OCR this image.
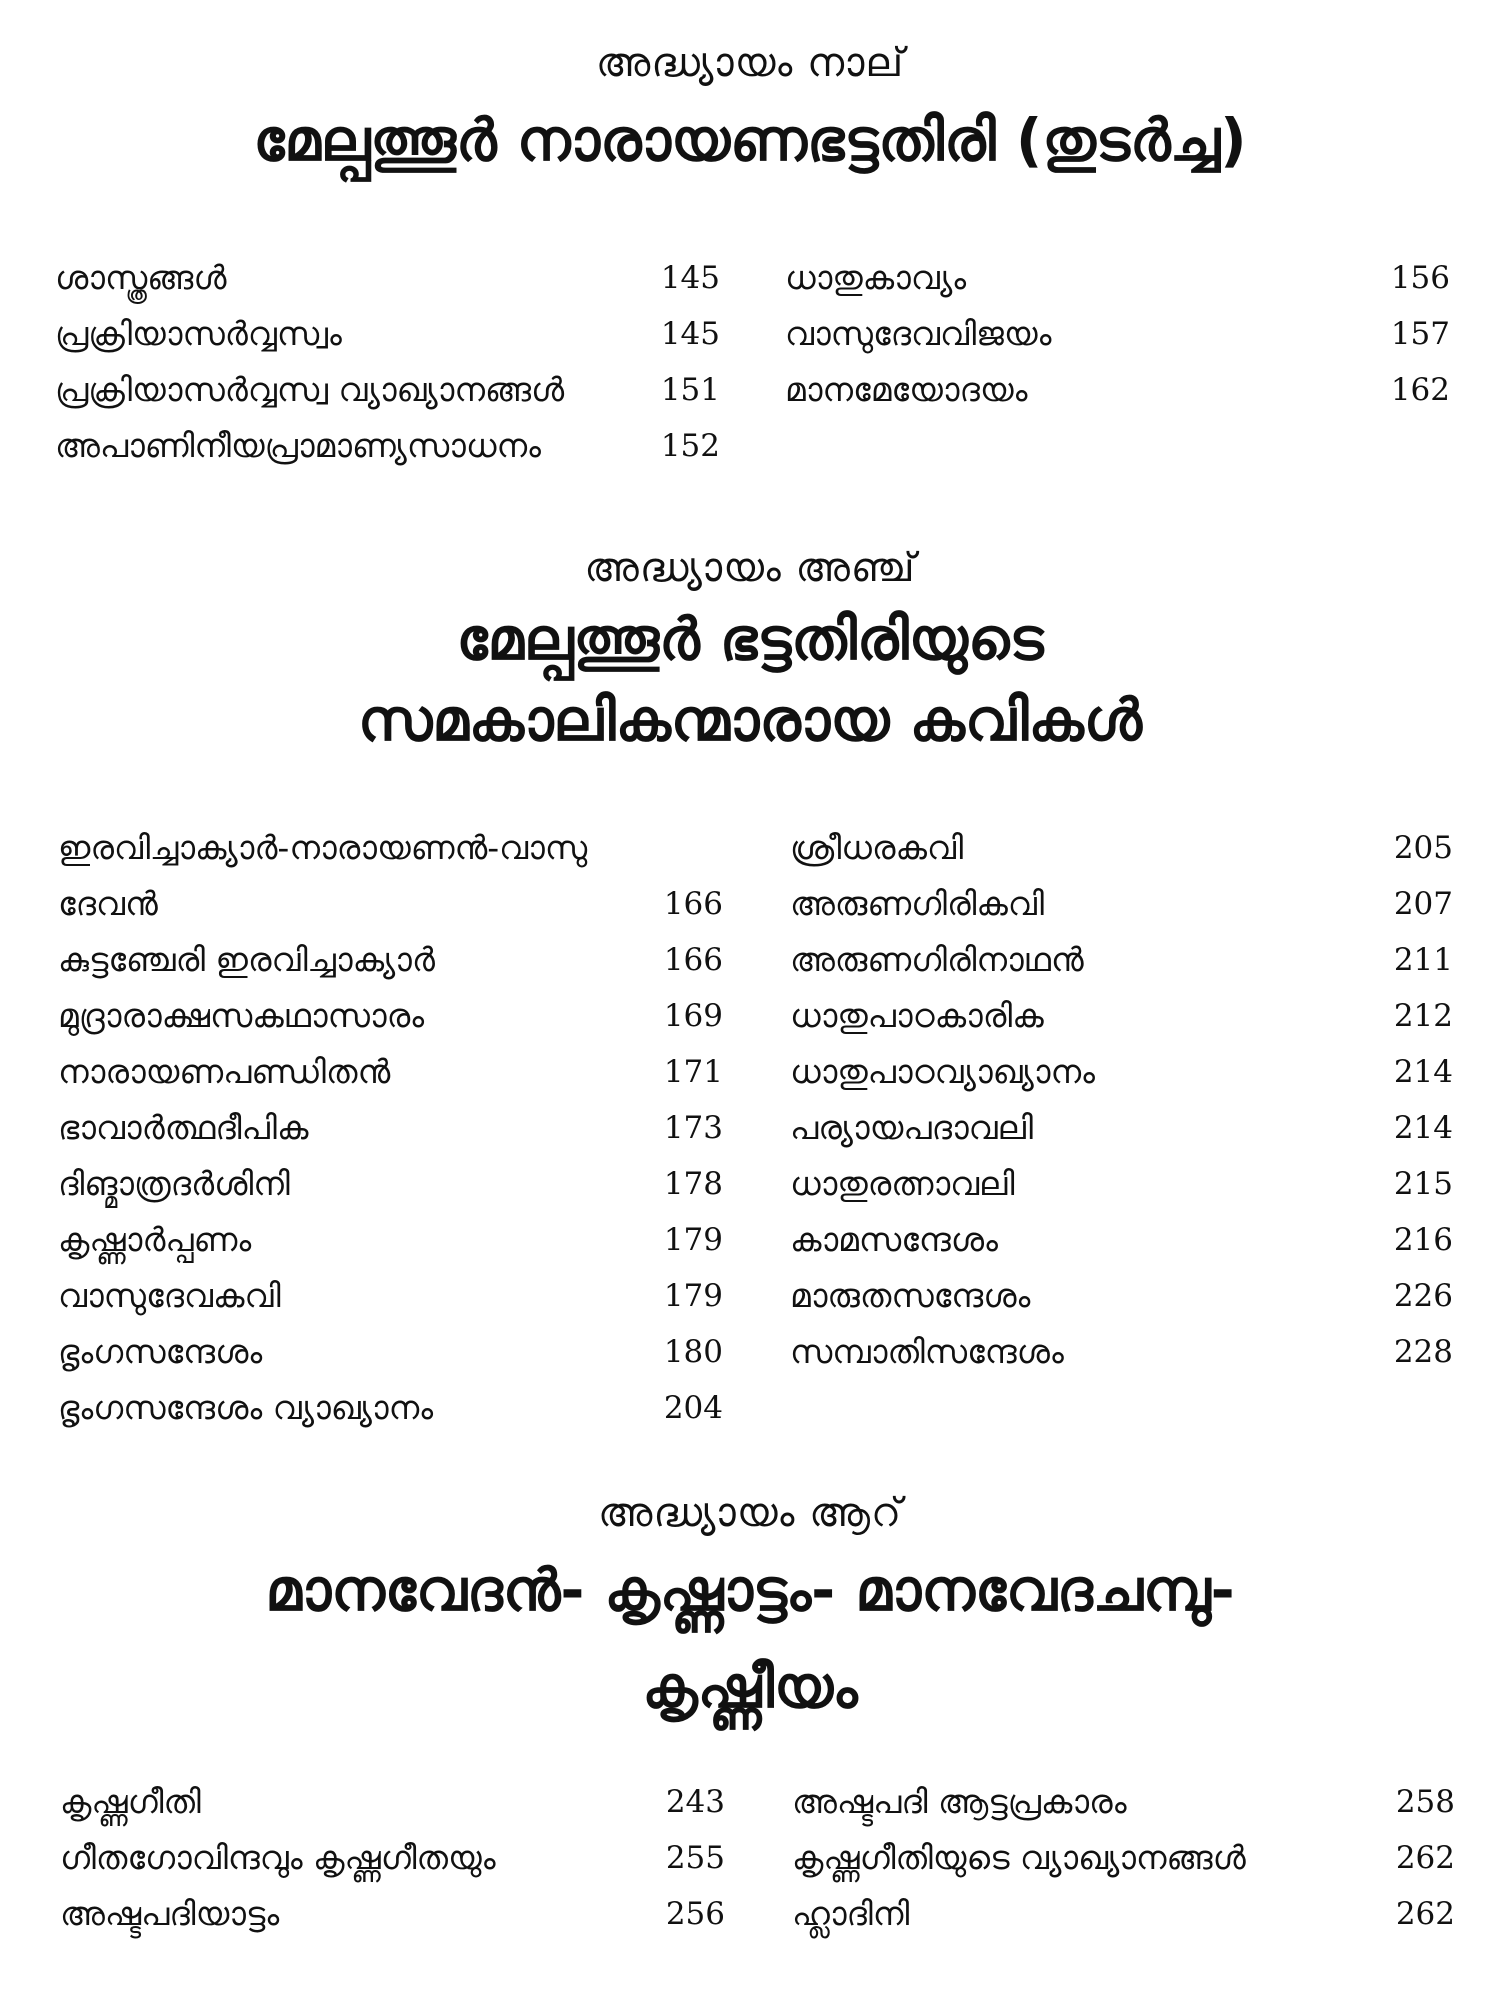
അദ്ധ്യായം നാല്

മേല്പത്തൂർ നാരായണഭട്ടതിരി (തുടർച്ച)

ശാസ്ത്രങ്ങൾ	145
പ്രക്രിയാസർവ്വസ്വം	145
പ്രക്രിയാസർവ്വസ്വ വ്യാഖ്യാനങ്ങൾ	151
അപാണിനീയപ്രാമാണ്യസാധനം	152
ധാതുകാവ്യം	156
വാസുദേവവിജയം	157
മാനമേയോദയം	162

അദ്ധ്യായം അഞ്ച്

മേല്പത്തൂർ ഭട്ടതിരിയുടെ

സമകാലികന്മാരായ കവികൾ

ഇരവിച്ചാക്യാർ-നാരായണൻ-വാസു
ദേവൻ	166
കുട്ടഞ്ചേരി ഇരവിച്ചാക്യാർ	166
മുദ്രാരാക്ഷസകഥാസാരം	169
നാരായണപണ്ഡിതൻ	171
ഭാവാർത്ഥദീപിക	173
ദിങ്മാത്രദർശിനി	178
കൃഷ്ണാർപ്പണം	179
വാസുദേവകവി	179
ഭൃംഗസന്ദേശം	180
ഭൃംഗസന്ദേശം വ്യാഖ്യാനം	204
ശ്രീധരകവി	205
അരുണഗിരികവി	207
അരുണഗിരിനാഥൻ	211
ധാതുപാഠകാരിക	212
ധാതുപാഠവ്യാഖ്യാനം	214
പര്യായപദാവലി	214
ധാതുരത്നാവലി	215
കാമസന്ദേശം	216
മാരുതസന്ദേശം	226
സമ്പാതിസന്ദേശം	228

അദ്ധ്യായം ആറ്

മാനവേദൻ- കൃഷ്ണാട്ടം- മാനവേദചമ്പു-

കൃഷ്ണീയം

കൃഷ്ണഗീതി	243
ഗീതഗോവിന്ദവും കൃഷ്ണഗീതയും	255
അഷ്ടപദിയാട്ടം	256
അഷ്ടപദി ആട്ടപ്രകാരം	258
കൃഷ്ണഗീതിയുടെ വ്യാഖ്യാനങ്ങൾ	262
ഹ്ലാദിനി	262
